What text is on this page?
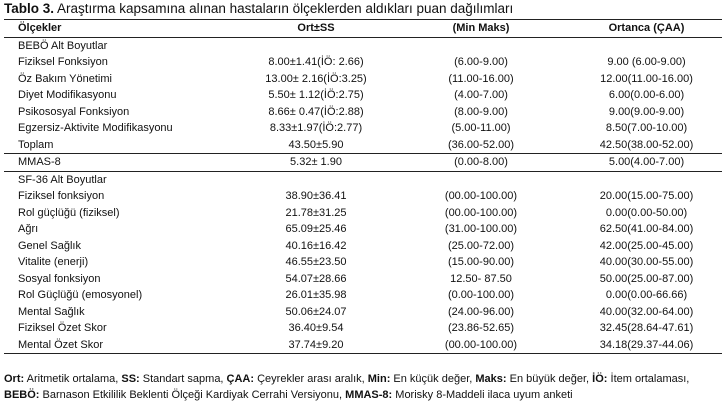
Tablo 3. Araştırma kapsamına alınan hastaların ölçeklerden aldıkları puan dağılımları
Ölçekler	Ort±SS	(Min Maks)	Ortanca (ÇAA)
BEBÖ Alt Boyutlar			
Fiziksel Fonksiyon	8.00±1.41(İÖ: 2.66)	(6.00-9.00)	9.00 (6.00-9.00)
Öz Bakım Yönetimi	13.00± 2.16(İÖ:3.25)	(11.00-16.00)	12.00(11.00-16.00)
Diyet Modifikasyonu	5.50± 1.12(İÖ:2.75)	(4.00-7.00)	6.00(0.00-6.00)
Psikososyal Fonksiyon	8.66± 0.47(İÖ:2.88)	(8.00-9.00)	9.00(9.00-9.00)
Egzersiz-Aktivite Modifikasyonu	8.33±1.97(İÖ:2.77)	(5.00-11.00)	8.50(7.00-10.00)
Toplam	43.50±5.90	(36.00-52.00)	42.50(38.00-52.00)
MMAS-8	5.32± 1.90	(0.00-8.00)	5.00(4.00-7.00)
SF-36 Alt Boyutlar			
Fiziksel fonksiyon	38.90±36.41	(00.00-100.00)	20.00(15.00-75.00)
Rol güçlüğü (fiziksel)	21.78±31.25	(00.00-100.00)	0.00(0.00-50.00)
Ağrı	65.09±25.46	(31.00-100.00)	62.50(41.00-84.00)
Genel Sağlık	40.16±16.42	(25.00-72.00)	42.00(25.00-45.00)
Vitalite (enerji)	46.55±23.50	(15.00-90.00)	40.00(30.00-55.00)
Sosyal fonksiyon	54.07±28.66	12.50- 87.50	50.00(25.00-87.00)
Rol Güçlüğü (emosyonel)	26.01±35.98	(0.00-100.00)	0.00(0.00-66.66)
Mental Sağlık	50.06±24.07	(24.00-96.00)	40.00(32.00-64.00)
Fiziksel Özet Skor	36.40±9.54	(23.86-52.65)	32.45(28.64-47.61)
Mental Özet Skor	37.74±9.20	(00.00-100.00)	34.18(29.37-44.06)
Ort: Aritmetik ortalama, SS: Standart sapma, ÇAA: Çeyrekler arası aralık, Min: En küçük değer, Maks: En büyük değer, İÖ: İtem ortalaması, BEBÖ: Barnason Etkililik Beklenti Ölçeği Kardiyak Cerrahi Versiyonu, MMAS-8: Morisky 8-Maddeli ilaca uyum anketi
